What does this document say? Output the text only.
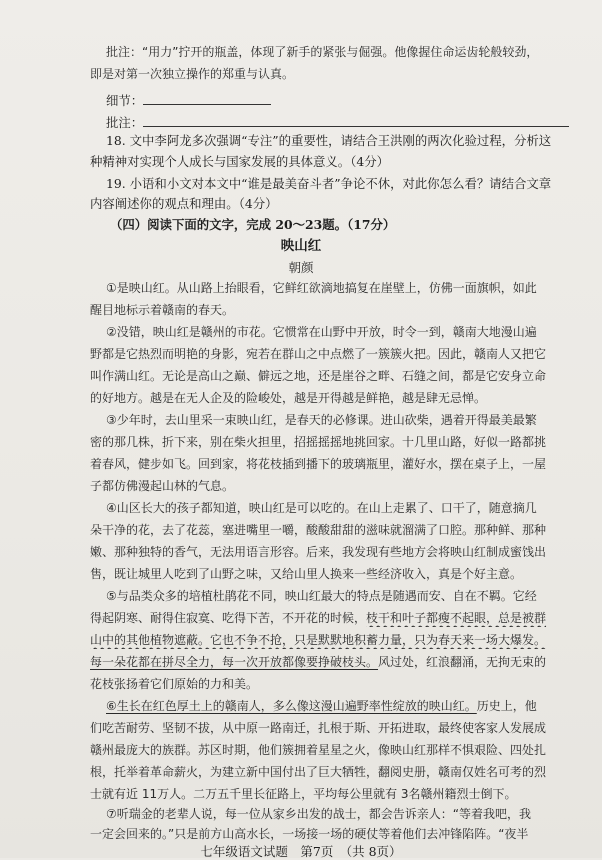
批注：“用力”拧开的瓶盖，体现了新手的紧张与倔强。他像握住命运齿轮般较劲，
即是对第一次独立操作的郑重与认真。
细节：
批注：
18. 文中李阿龙多次强调“专注”的重要性，请结合王洪刚的两次化验过程，分析这
种精神对实现个人成长与国家发展的具体意义。（4分）
19. 小语和小文对本文中“谁是最美奋斗者”争论不休，对此你怎么看？请结合文章
内容阐述你的观点和理由。（4分）
（四）阅读下面的文字，完成 20～23题。（17分）
映山红
朝颜
①是映山红。从山路上抬眼看，它鲜红欲滴地搞复在崖壁上，仿佛一面旗帜，如此
醒目地标示着赣南的春天。
②没错，映山红是赣州的市花。它惯常在山野中开放，时令一到，赣南大地漫山遍
野都是它热烈而明艳的身影，宛若在群山之中点燃了一簇簇火把。因此，赣南人又把它
叫作满山红。无论是高山之巅、僻远之地，还是崖谷之畔、石缝之间，都是它安身立命
的好地方。越是在无人企及的险峻处，越是开得越是鲜艳，越是肆无忌惮。
③少年时，去山里采一束映山红，是春天的必修课。进山砍柴，遇着开得最美最繁
密的那几株，折下来，别在柴火担里，招摇摇摇地挑回家。十几里山路，好似一路都挑
着春风，健步如飞。回到家，将花枝插到播下的玻璃瓶里，灌好水，摆在桌子上，一屋
子都仿佛漫起山林的气息。
④山区长大的孩子都知道，映山红是可以吃的。在山上走累了、口干了，随意摘几
朵干净的花，去了花蕊，塞进嘴里一嚼，酸酸甜甜的滋味就溜满了口腔。那种鲜、那种
嫩、那种独特的香气，无法用语言形容。后来，我发现有些地方会将映山红制成蜜饯出
售，既让城里人吃到了山野之味，又给山里人换来一些经济收入，真是个好主意。
⑤与品类众多的培植杜鹃花不同，映山红最大的特点是随遇而安、自在不羁。它经
得起阴寒、耐得住寂寞、吃得下苦，不开花的时候，枝干和叶子都瘦不起眼，总是被群
山中的其他植物遮蔽。它也不争不抢，只是默默地积蓄力量，只为春天来一场大爆发。
每一朵花都在拼尽全力，每一次开放都像要挣破枝头。风过处，红浪翻涌，无拘无束的
花枝张扬着它们原始的力和美。
⑥生长在红色厚土上的赣南人，多么像这漫山遍野率性绽放的映山红。历史上，他
们吃苦耐劳、坚韧不拔，从中原一路南迁，扎根于斯、开拓进取，最终使客家人发展成
赣州最庞大的族群。苏区时期，他们簇拥着星星之火，像映山红那样不惧艰险、四处扎
根，托举着革命薪火，为建立新中国付出了巨大牺牲，翻阅史册，赣南仅姓名可考的烈
士就有近 11万人。二万五千里长征路上，平均每公里就有 3名赣州籍烈士倒下。
⑦听瑞金的老辈人说，每一位从家乡出发的战士，都会告诉亲人：“等着我吧，我
一定会回来的。”只是前方山高水长，一场接一场的硬仗等着他们去冲锋陷阵。“夜半
七年级语文试题　第7页　（共 8页）
